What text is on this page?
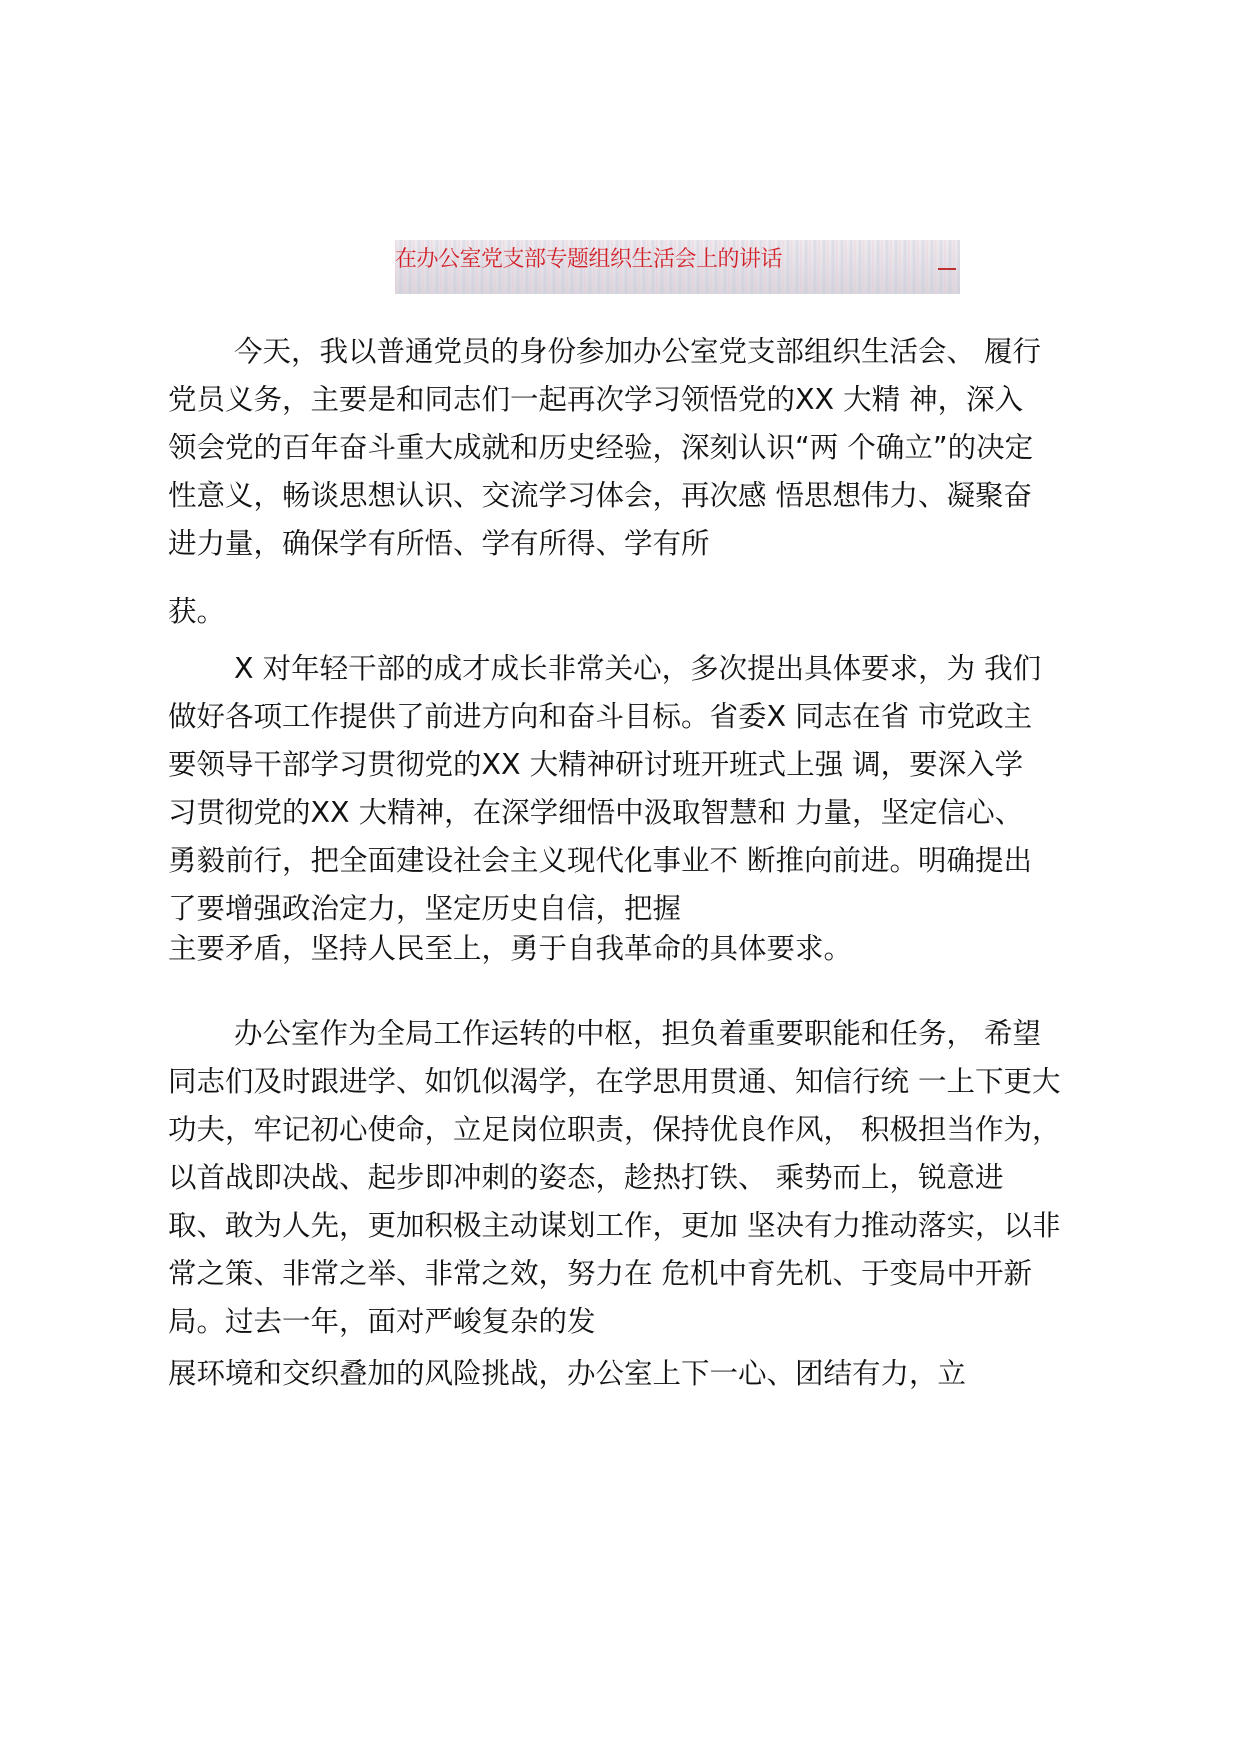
在办公室党支部专题组织生活会上的讲话
今天，我以普通党员的身份参加办公室党支部组织生活会、 履行
党员义务，主要是和同志们一起再次学习领悟党的XX 大精 神，深入
领会党的百年奋斗重大成就和历史经验，深刻认识“两 个确立”的决定
性意义，畅谈思想认识、交流学习体会，再次感 悟思想伟力、凝聚奋
进力量，确保学有所悟、学有所得、学有所
获。
X 对年轻干部的成才成长非常关心，多次提出具体要求，为 我们
做好各项工作提供了前进方向和奋斗目标。省委X 同志在省 市党政主
要领导干部学习贯彻党的XX 大精神研讨班开班式上强 调，要深入学
习贯彻党的XX 大精神，在深学细悟中汲取智慧和 力量，坚定信心、
勇毅前行，把全面建设社会主义现代化事业不 断推向前进。明确提出
了要增强政治定力，坚定历史自信，把握
主要矛盾，坚持人民至上，勇于自我革命的具体要求。
办公室作为全局工作运转的中枢，担负着重要职能和任务， 希望
同志们及时跟进学、如饥似渴学，在学思用贯通、知信行统 一上下更大
功夫，牢记初心使命，立足岗位职责，保持优良作风， 积极担当作为，
以首战即决战、起步即冲刺的姿态，趁热打铁、 乘势而上，锐意进
取、敢为人先，更加积极主动谋划工作，更加 坚决有力推动落实，以非
常之策、非常之举、非常之效，努力在 危机中育先机、于变局中开新
局。过去一年，面对严峻复杂的发
展环境和交织叠加的风险挑战，办公室上下一心、团结有力，立
